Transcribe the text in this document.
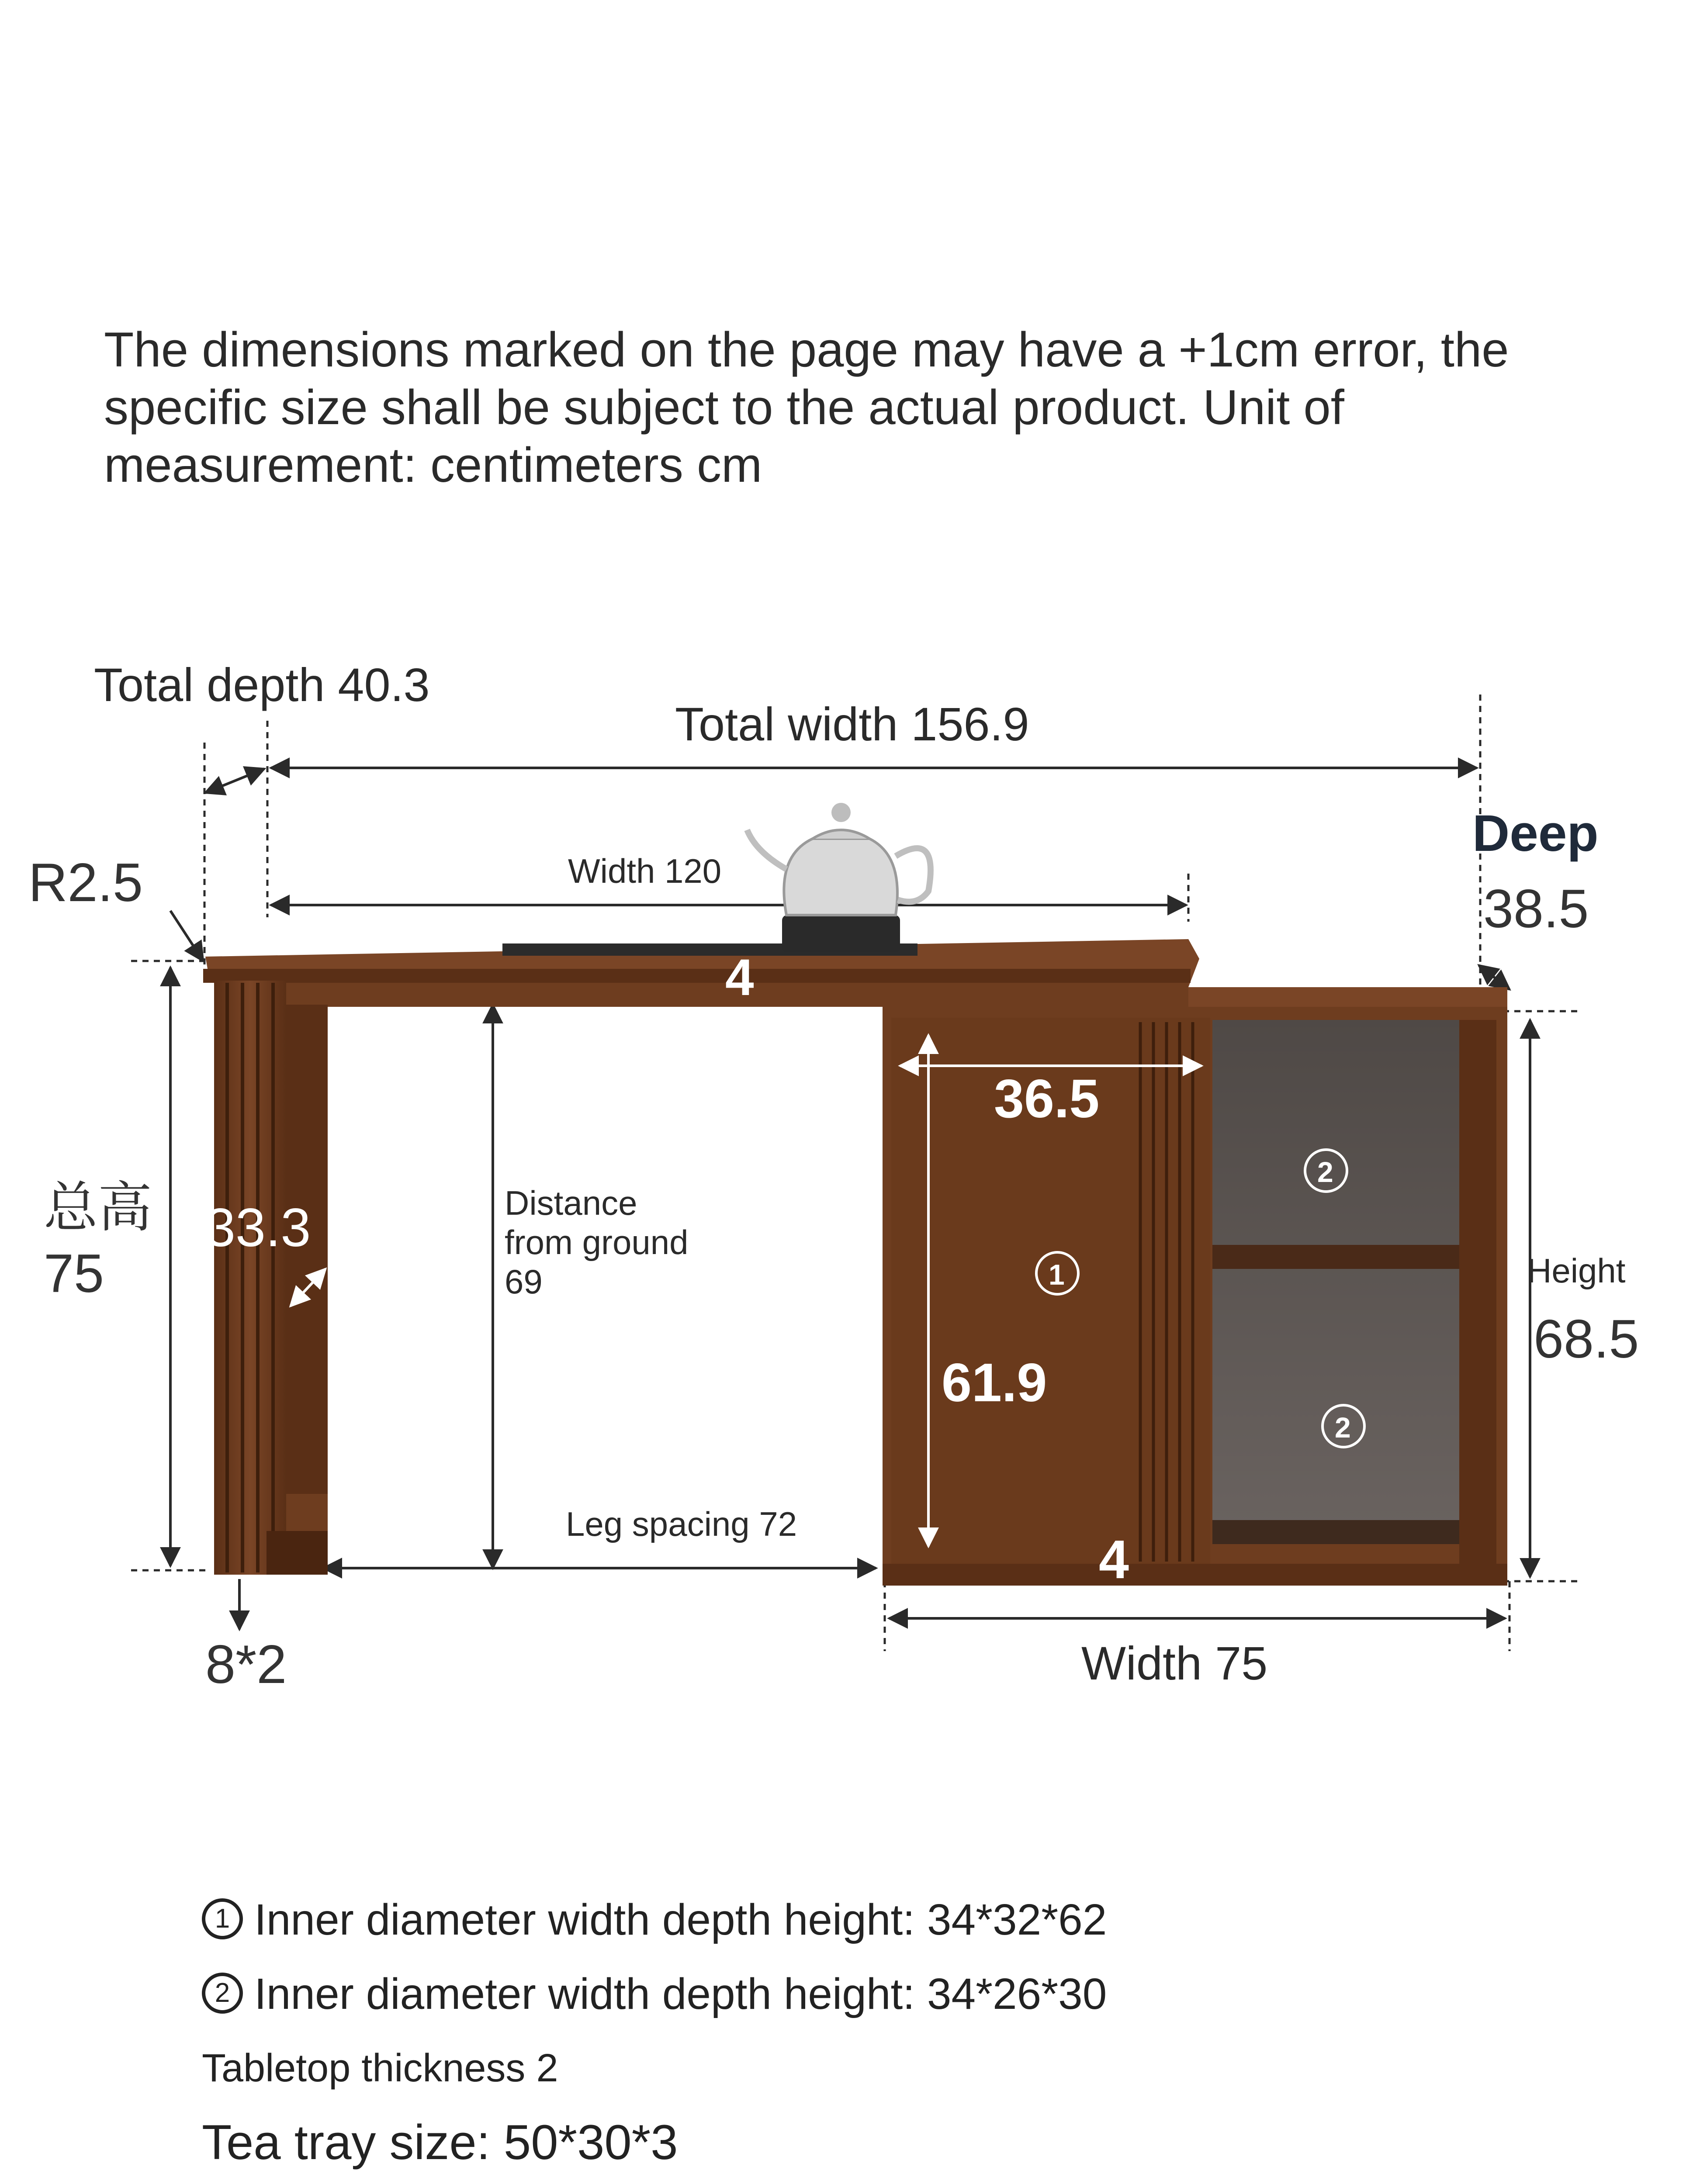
The dimensions marked on the page may have a +1cm error, the specific size shall be subject to the actual product. Unit of measurement: centimeters cm
Total depth 40.3
Total width 156.9
R2.5	Width 120
Deep
38.5
4
总高
75
33.3	Distance
from ground
69
Leg spacing 72
8*2
36.5
61.9
4
1
2
2
Height
68.5
Width 75
1 Inner diameter width depth height: 34*32*62
2 Inner diameter width depth height: 34*26*30
Tabletop thickness 2
Tea tray size: 50*30*3
